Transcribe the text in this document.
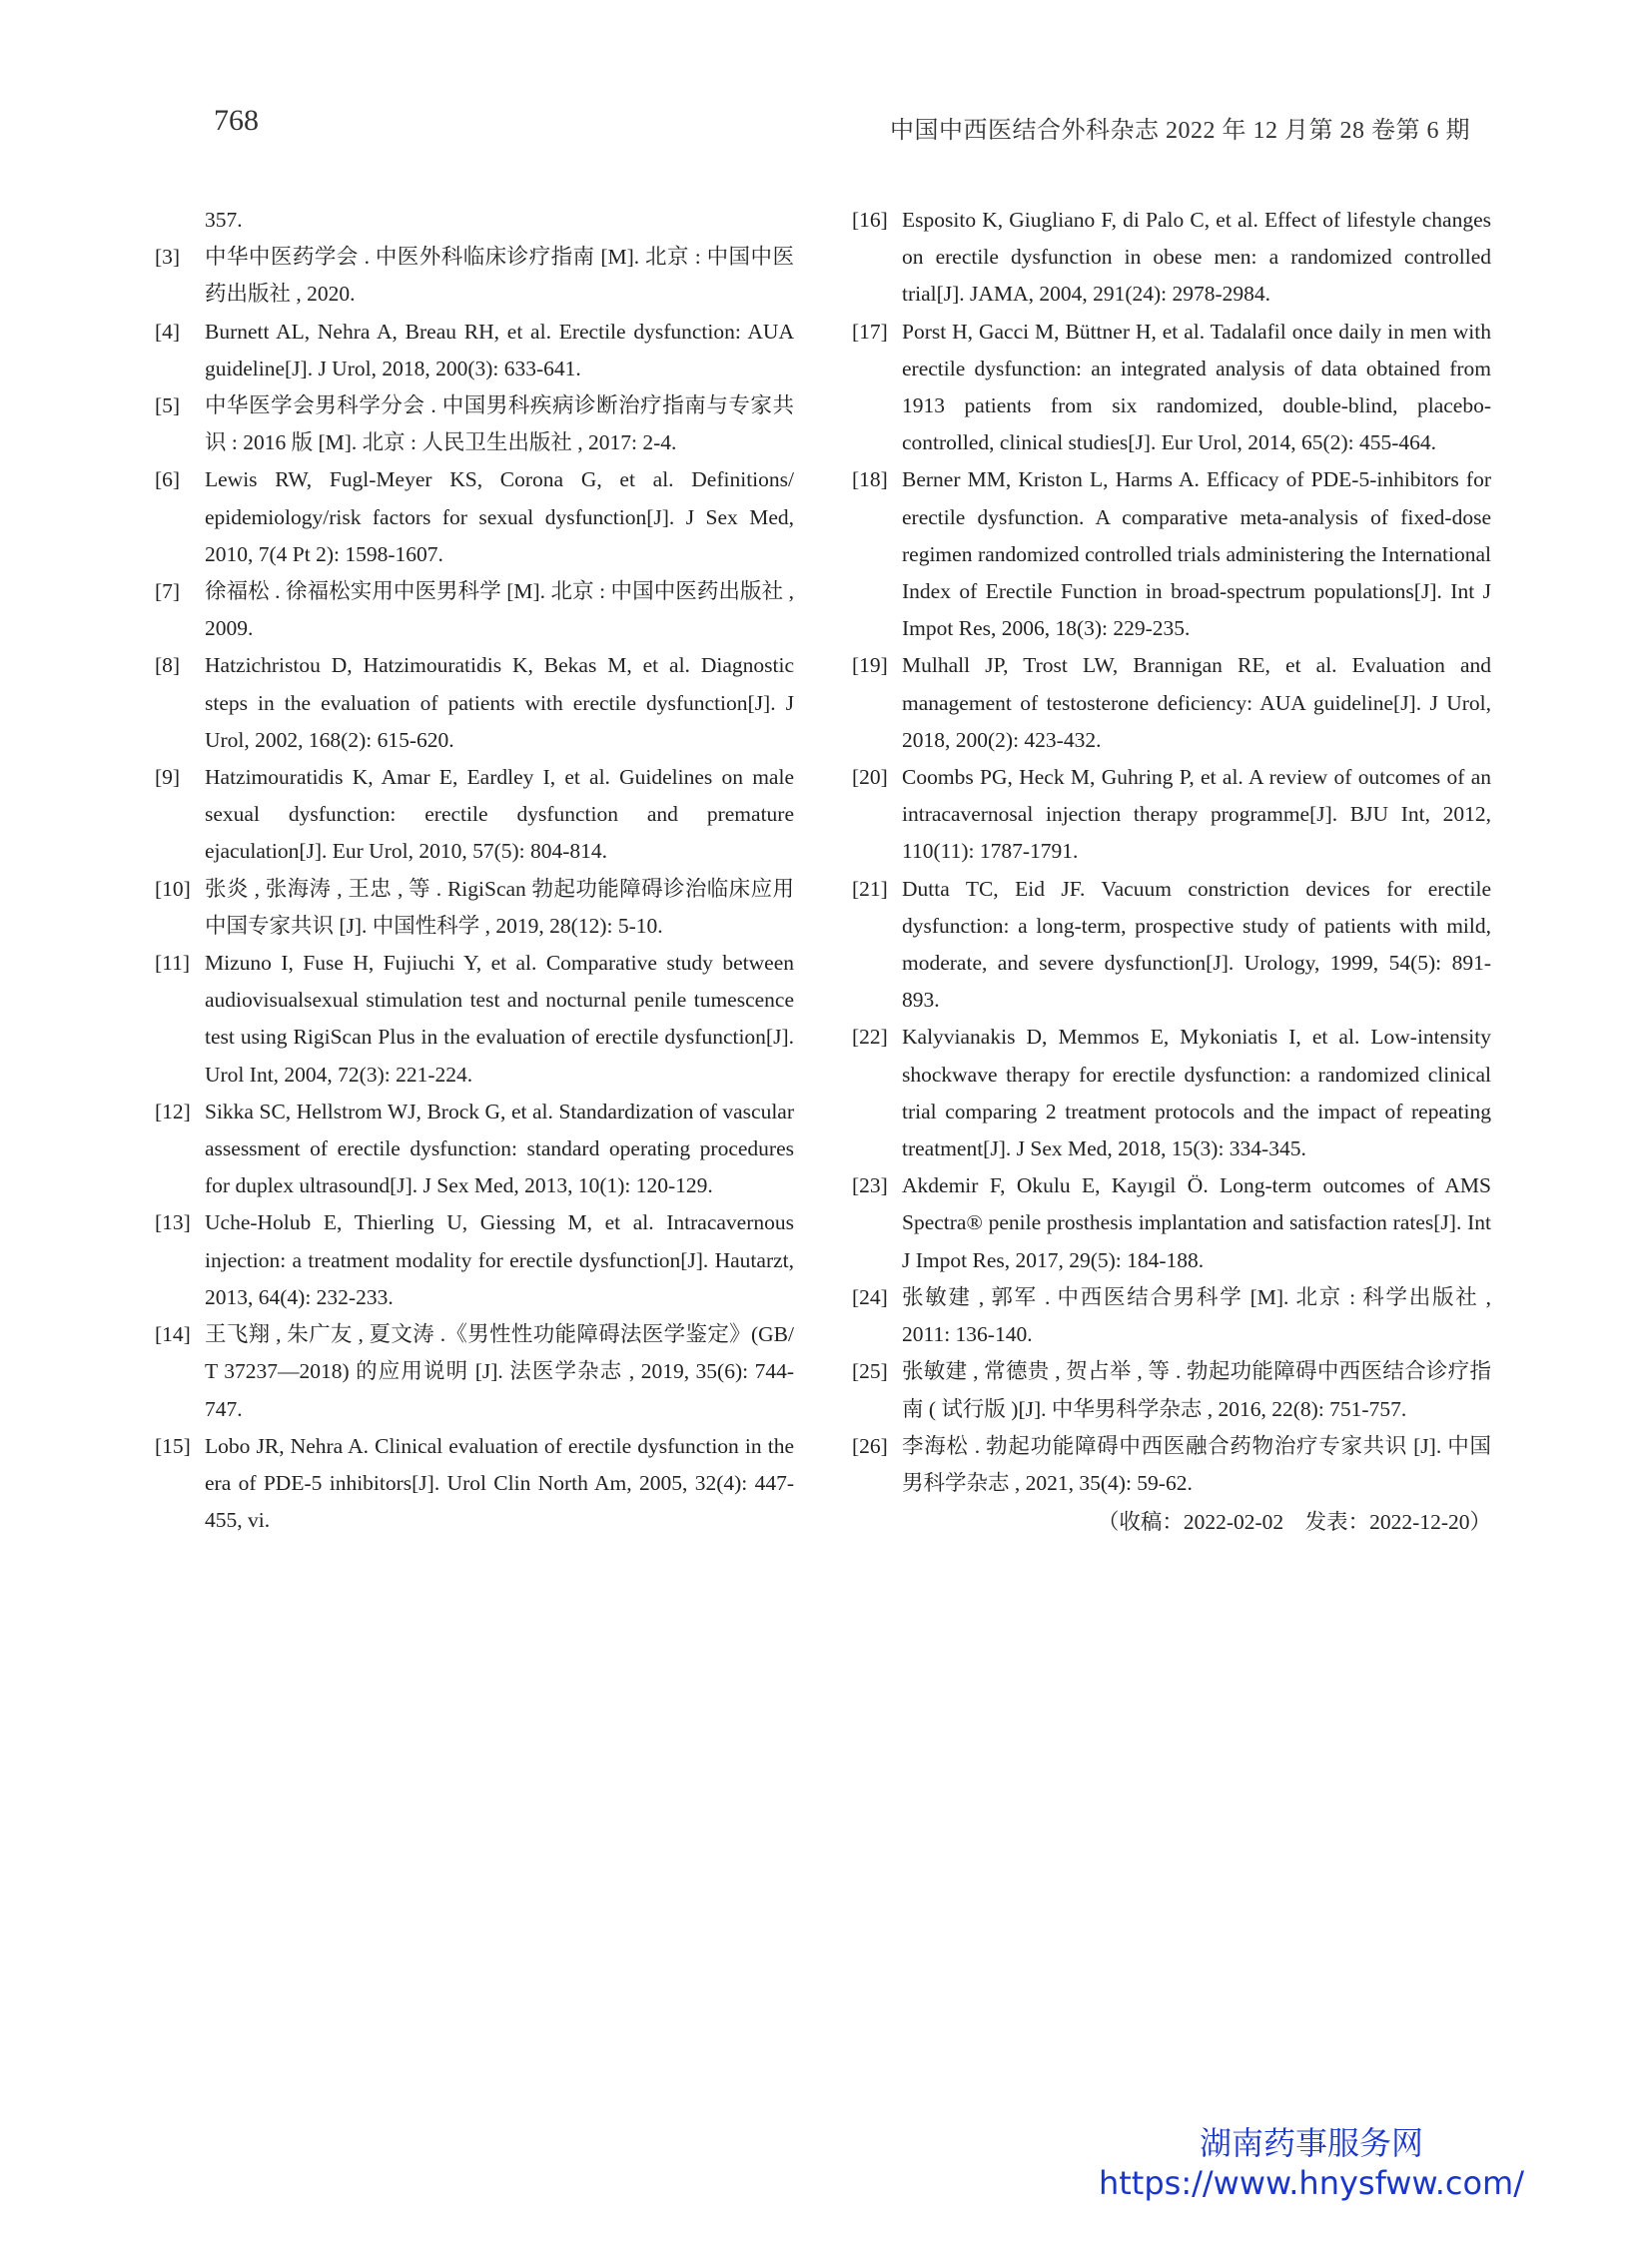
768	中国中西医结合外科杂志 2022 年 12 月第 28 卷第 6 期
357.
[3] 中华中医药学会 . 中医外科临床诊疗指南 [M]. 北京 : 中国中医药出版社 , 2020.
[4] Burnett AL, Nehra A, Breau RH, et al. Erectile dysfunction: AUA guideline[J]. J Urol, 2018, 200(3): 633-641.
[5] 中华医学会男科学分会 . 中国男科疾病诊断治疗指南与专家共识 : 2016 版 [M]. 北京 : 人民卫生出版社 , 2017: 2-4.
[6] Lewis RW, Fugl-Meyer KS, Corona G, et al. Definitions/ epidemiology/risk factors for sexual dysfunction[J]. J Sex Med, 2010, 7(4 Pt 2): 1598-1607.
[7] 徐福松 . 徐福松实用中医男科学 [M]. 北京 : 中国中医药出版社 , 2009.
[8] Hatzichristou D, Hatzimouratidis K, Bekas M, et al. Diagnostic steps in the evaluation of patients with erectile dysfunction[J]. J Urol, 2002, 168(2): 615-620.
[9] Hatzimouratidis K, Amar E, Eardley I, et al. Guidelines on male sexual dysfunction: erectile dysfunction and premature ejaculation[J]. Eur Urol, 2010, 57(5): 804-814.
[10] 张炎 , 张海涛 , 王忠 , 等 . RigiScan 勃起功能障碍诊治临床应用中国专家共识 [J]. 中国性科学 , 2019, 28(12): 5-10.
[11] Mizuno I, Fuse H, Fujiuchi Y, et al. Comparative study between audiovisualsexual stimulation test and nocturnal penile tumescence test using RigiScan Plus in the evaluation of erectile dysfunction[J]. Urol Int, 2004, 72(3): 221-224.
[12] Sikka SC, Hellstrom WJ, Brock G, et al. Standardization of vascular assessment of erectile dysfunction: standard operating procedures for duplex ultrasound[J]. J Sex Med, 2013, 10(1): 120-129.
[13] Uche-Holub E, Thierling U, Giessing M, et al. Intracavernous injection: a treatment modality for erectile dysfunction[J]. Hautarzt, 2013, 64(4): 232-233.
[14] 王飞翔 , 朱广友 , 夏文涛 .《男性性功能障碍法医学鉴定》(GB/ T 37237—2018) 的应用说明 [J]. 法医学杂志 , 2019, 35(6): 744-747.
[15] Lobo JR, Nehra A. Clinical evaluation of erectile dysfunction in the era of PDE-5 inhibitors[J]. Urol Clin North Am, 2005, 32(4): 447-455, vi.
[16] Esposito K, Giugliano F, di Palo C, et al. Effect of lifestyle changes on erectile dysfunction in obese men: a randomized controlled trial[J]. JAMA, 2004, 291(24): 2978-2984.
[17] Porst H, Gacci M, Büttner H, et al. Tadalafil once daily in men with erectile dysfunction: an integrated analysis of data obtained from 1913 patients from six randomized, double-blind, placebo-controlled, clinical studies[J]. Eur Urol, 2014, 65(2): 455-464.
[18] Berner MM, Kriston L, Harms A. Efficacy of PDE-5-inhibitors for erectile dysfunction. A comparative meta-analysis of fixed-dose regimen randomized controlled trials administering the International Index of Erectile Function in broad-spectrum populations[J]. Int J Impot Res, 2006, 18(3): 229-235.
[19] Mulhall JP, Trost LW, Brannigan RE, et al. Evaluation and management of testosterone deficiency: AUA guideline[J]. J Urol, 2018, 200(2): 423-432.
[20] Coombs PG, Heck M, Guhring P, et al. A review of outcomes of an intracavernosal injection therapy programme[J]. BJU Int, 2012, 110(11): 1787-1791.
[21] Dutta TC, Eid JF. Vacuum constriction devices for erectile dysfunction: a long-term, prospective study of patients with mild, moderate, and severe dysfunction[J]. Urology, 1999, 54(5): 891-893.
[22] Kalyvianakis D, Memmos E, Mykoniatis I, et al. Low-intensity shockwave therapy for erectile dysfunction: a randomized clinical trial comparing 2 treatment protocols and the impact of repeating treatment[J]. J Sex Med, 2018, 15(3): 334-345.
[23] Akdemir F, Okulu E, Kayıgil Ö. Long-term outcomes of AMS Spectra® penile prosthesis implantation and satisfaction rates[J]. Int J Impot Res, 2017, 29(5): 184-188.
[24] 张敏建 , 郭军 . 中西医结合男科学 [M]. 北京 : 科学出版社 , 2011: 136-140.
[25] 张敏建 , 常德贵 , 贺占举 , 等 . 勃起功能障碍中西医结合诊疗指南 ( 试行版 )[J]. 中华男科学杂志 , 2016, 22(8): 751-757.
[26] 李海松 . 勃起功能障碍中西医融合药物治疗专家共识 [J]. 中国男科学杂志 , 2021, 35(4): 59-62.
（收稿：2022-02-02　发表：2022-12-20）
湖南药事服务网
https://www.hnysfww.com/
